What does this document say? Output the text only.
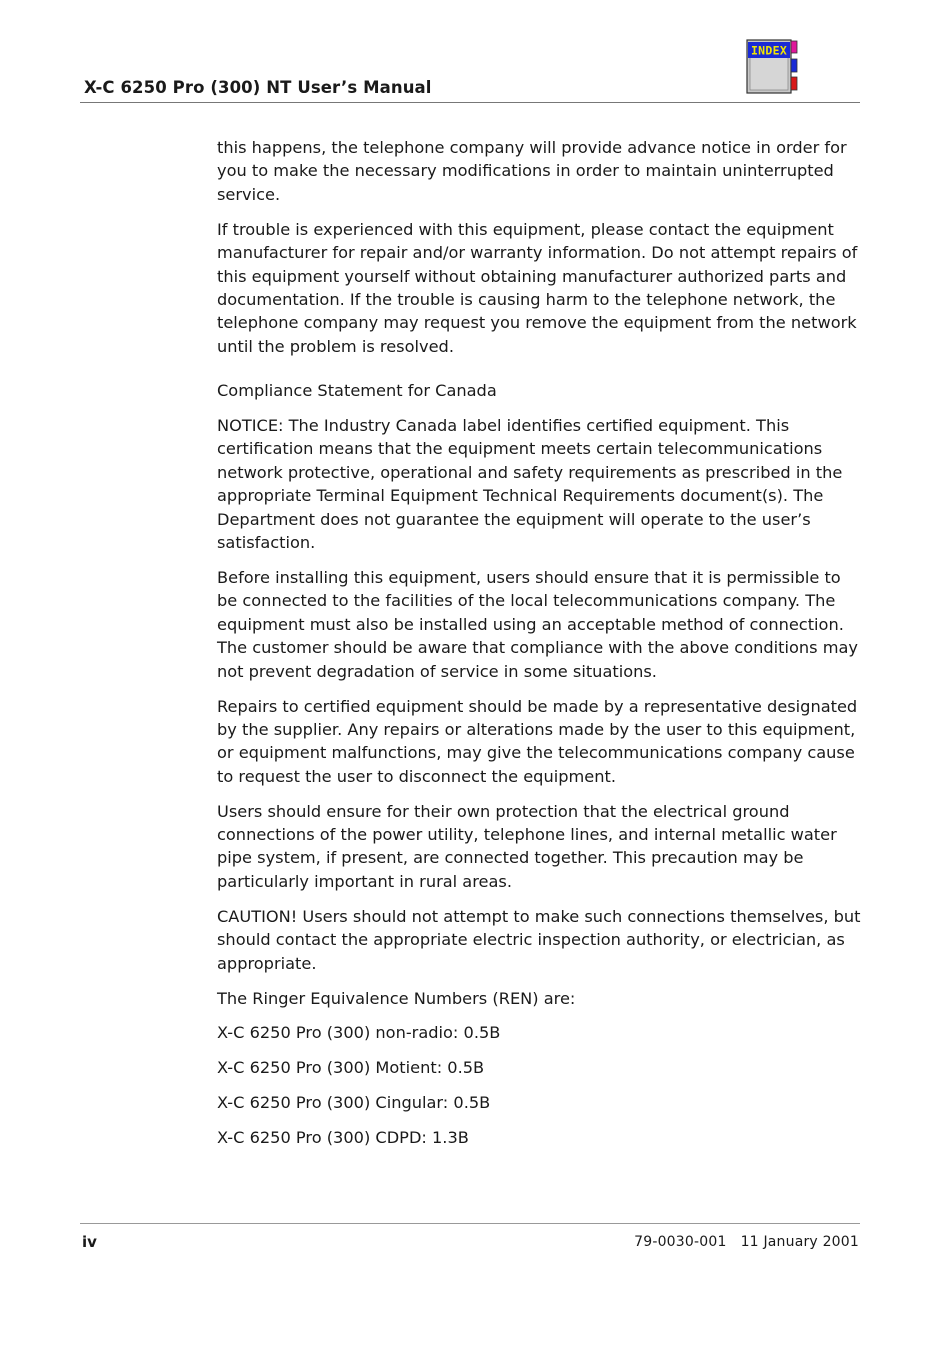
X-C 6250 Pro (300) NT User’s Manual
INDEX

this happens, the telephone company will provide advance notice in order for you to make the necessary modifications in order to maintain uninterrupted service.

If trouble is experienced with this equipment, please contact the equipment manufacturer for repair and/or warranty information. Do not attempt repairs of this equipment yourself without obtaining manufacturer authorized parts and documentation. If the trouble is causing harm to the telephone network, the telephone company may request you remove the equipment from the network until the problem is resolved.

Compliance Statement for Canada

NOTICE: The Industry Canada label identifies certified equipment. This certification means that the equipment meets certain telecommunications network protective, operational and safety requirements as prescribed in the appropriate Terminal Equipment Technical Requirements document(s). The Department does not guarantee the equipment will operate to the user’s satisfaction.

Before installing this equipment, users should ensure that it is permissible to be connected to the facilities of the local telecommunications company. The equipment must also be installed using an acceptable method of connection. The customer should be aware that compliance with the above conditions may not prevent degradation of service in some situations.

Repairs to certified equipment should be made by a representative designated by the supplier. Any repairs or alterations made by the user to this equipment, or equipment malfunctions, may give the telecommunications company cause to request the user to disconnect the equipment.

Users should ensure for their own protection that the electrical ground connections of the power utility, telephone lines, and internal metallic water pipe system, if present, are connected together. This precaution may be particularly important in rural areas.

CAUTION! Users should not attempt to make such connections themselves, but should contact the appropriate electric inspection authority, or electrician, as appropriate.

The Ringer Equivalence Numbers (REN) are:

X-C 6250 Pro (300) non-radio: 0.5B

X-C 6250 Pro (300) Motient: 0.5B

X-C 6250 Pro (300) Cingular: 0.5B

X-C 6250 Pro (300) CDPD: 1.3B

iv	79-0030-001 11 January 2001
